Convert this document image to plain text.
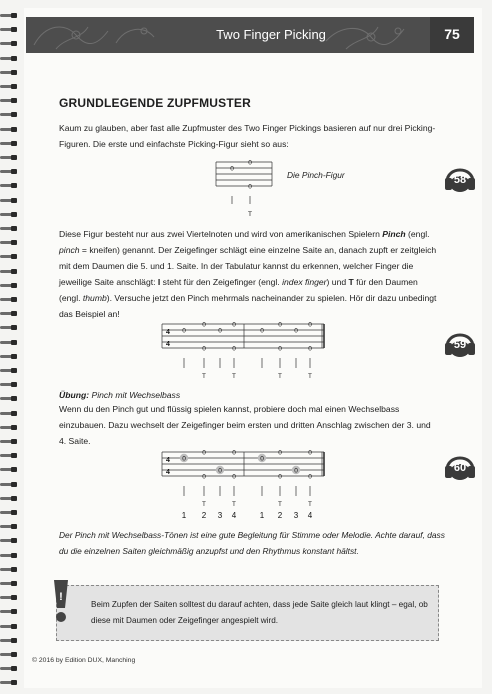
Two Finger Picking	75
GRUNDLEGENDE ZUPFMUSTER
Kaum zu glauben, aber fast alle Zupfmuster des Two Finger Pickings basieren auf nur drei Picking-Figuren. Die erste und einfachste Picking-Figur sieht so aus:
0
0
0
T
Die Pinch-Figur
Diese Figur besteht nur aus zwei Viertelnoten und wird von amerikanischen Spielern Pinch (engl. pinch = kneifen) genannt. Der Zeigefinger schlägt eine einzelne Saite an, danach zupft er zeitgleich mit dem Daumen die 5. und 1. Saite. In der Tabulatur kannst du erkennen, welcher Finger die jeweilige Saite anschlägt: I steht für den Zeigefinger (engl. index finger) und T für den Daumen (engl. thumb). Versuche jetzt den Pinch mehrmals nacheinander zu spielen. Hör dir dazu unbedingt das Beispiel an!
4
4
0
0
0
0
0
0
0
0
0
0
0
0
T	T	T	T
Übung: Pinch mit Wechselbass
Wenn du den Pinch gut und flüssig spielen kannst, probiere doch mal einen Wechselbass einzubauen. Dazu wechselt der Zeigefinger beim ersten und dritten Anschlag zwischen der 3. und 4. Saite.
4
4
0
0
0
0
0
0
0
0
0
0
0
0
T	T	T	T
1 2 3 4	1 2 3 4
Der Pinch mit Wechselbass-Tönen ist eine gute Begleitung für Stimme oder Melodie. Achte darauf, dass du die einzelnen Saiten gleichmäßig anzupfst und den Rhythmus konstant hältst.
58
59
60
!
Beim Zupfen der Saiten solltest du darauf achten, dass jede Saite gleich laut klingt – egal, ob diese mit Daumen oder Zeigefinger angespielt wird.
© 2016 by Edition DUX, Manching
